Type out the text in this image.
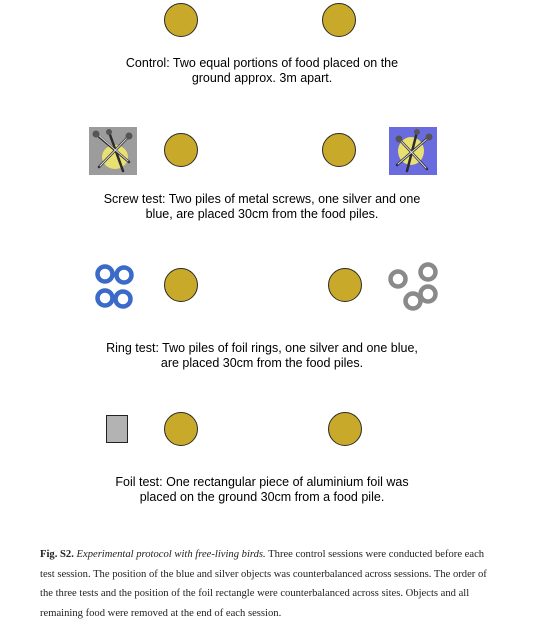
Control: Two equal portions of food placed on the
ground approx. 3m apart.
Screw test: Two piles of metal screws, one silver and one
blue, are placed 30cm from the food piles.
Ring test: Two piles of foil rings, one silver and one blue,
are placed 30cm from the food piles.
Foil test: One rectangular piece of aluminium foil was
placed on the ground 30cm from a food pile.
Fig. S2. Experimental protocol with free-living birds. Three control sessions were conducted before each test session. The position of the blue and silver objects was counterbalanced across sessions. The order of the three tests and the position of the foil rectangle were counterbalanced across sites. Objects and all remaining food were removed at the end of each session.
